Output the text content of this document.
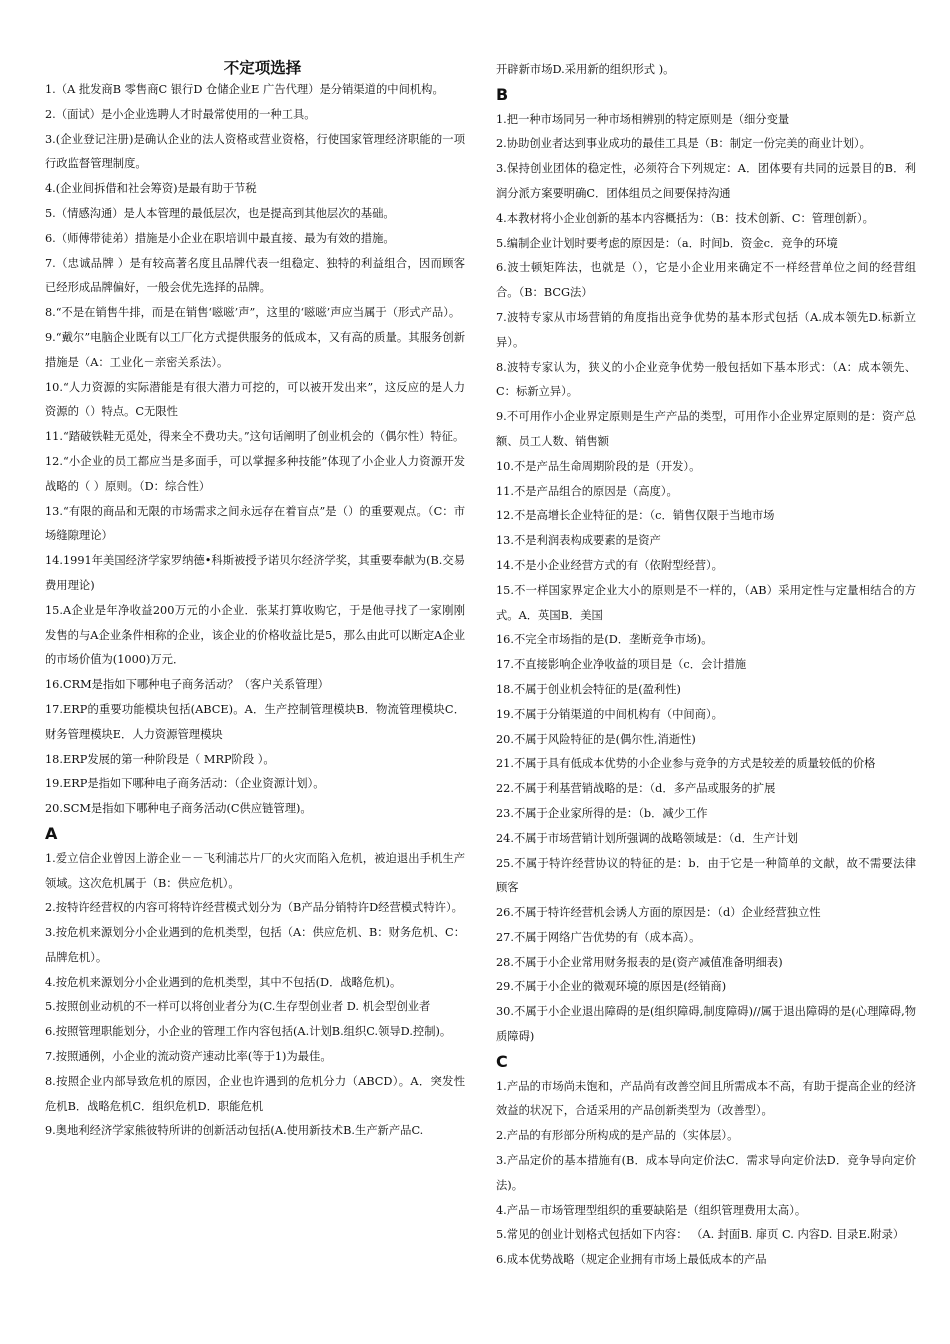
不定项选择

1.（A 批发商B 零售商C 银行D 仓储企业E 广告代理）是分销渠道的中间机构。

2.（面试）是小企业选聘人才时最常使用的一种工具。

3.(企业登记注册)是确认企业的法人资格或营业资格，行使国家管理经济职能的一项行政监督管理制度。

4.(企业间拆借和社会筹资)是最有助于节税

5.（情感沟通）是人本管理的最低层次，也是提高到其他层次的基础。

6.（师傅带徒弟）措施是小企业在职培训中最直接、最为有效的措施。

7.（忠诚品牌 ）是有较高著名度且品牌代表一组稳定、独特的利益组合，因而顾客已经形成品牌偏好，一般会优先选择的品牌。

8.“不是在销售牛排，而是在销售‘嗞嗞’声”，这里的‘嗞嗞’声应当属于（形式产品）。

9.“戴尔”电脑企业既有以工厂化方式提供服务的低成本，又有高的质量。其服务创新措施是（A：工业化－亲密关系法）。

10.“人力资源的实际潜能是有很大潜力可挖的，可以被开发出来”，这反应的是人力资源的（）特点。C无限性

11.“踏破铁鞋无觅处，得来全不费功夫。”这句话阐明了创业机会的（偶尔性）特征。

12.“小企业的员工都应当是多面手，可以掌握多种技能”体现了小企业人力资源开发战略的（ ）原则。（D：综合性）

13.“有限的商品和无限的市场需求之间永远存在着盲点”是（）的重要观点。（C：市场缝隙理论）

14.1991年美国经济学家罗纳德•科斯被授予诺贝尔经济学奖，其重要奉献为(B.交易费用理论)

15.A企业是年净收益200万元的小企业．张某打算收购它，于是他寻找了一家刚刚发售的与A企业条件相称的企业，该企业的价格收益比是5，那么由此可以断定A企业的市场价值为(1000)万元．

16.CRM是指如下哪种电子商务活动？（客户关系管理）

17.ERP的重要功能模块包括(ABCE)。A．生产控制管理模块B．物流管理模块C．财务管理模块E．人力资源管理模块

18.ERP发展的第一种阶段是（ MRP阶段 ）。

19.ERP是指如下哪种电子商务活动：（企业资源计划）。

20.SCM是指如下哪种电子商务活动(C供应链管理)。

A

1.爱立信企业曾因上游企业－－飞利浦芯片厂的火灾而陷入危机，被迫退出手机生产领域。这次危机属于（B：供应危机）。

2.按特许经营权的内容可将特许经营模式划分为（B产品分销特许D经营模式特许）。

3.按危机来源划分小企业遇到的危机类型，包括（A：供应危机、B：财务危机、C：品牌危机）。

4.按危机来源划分小企业遇到的危机类型，其中不包括(D．战略危机)。

5.按照创业动机的不一样可以将创业者分为(C.生存型创业者 D. 机会型创业者

6.按照管理职能划分，小企业的管理工作内容包括(A.计划B.组织C.领导D.控制)。

7.按照通例，小企业的流动资产速动比率(等于1)为最佳。

8.按照企业内部导致危机的原因，企业也许遇到的危机分力（ABCD）。A．突发性危机B．战略危机C．组织危机D．职能危机

9.奥地利经济学家熊彼特所讲的创新活动包括(A.使用新技术B.生产新产品C.

开辟新市场D.采用新的组织形式 )。

B

1.把一种市场同另一种市场相辨别的特定原则是（细分变量

2.协助创业者达到事业成功的最佳工具是（B：制定一份完美的商业计划）。

3.保持创业团体的稳定性，必须符合下列规定：A．团体要有共同的远景目的B．利润分派方案要明确C．团体组员之间要保持沟通

4.本教材将小企业创新的基本内容概括为：（B：技术创新、C：管理创新）。

5.编制企业计划时要考虑的原因是：（a．时间b．资金c．竞争的环境

6.波士顿矩阵法，也就是（），它是小企业用来确定不一样经营单位之间的经营组合。（B：BCG法）

7.波特专家从市场营销的角度指出竞争优势的基本形式包括（A.成本领先D.标新立异）。

8.波特专家认为，狭义的小企业竞争优势一般包括如下基本形式：（A：成本领先、C：标新立异）。

9.不可用作小企业界定原则是生产产品的类型，可用作小企业界定原则的是：资产总额、员工人数、销售额

10.不是产品生命周期阶段的是（开发）。

11.不是产品组合的原因是（高度）。

12.不是高增长企业特征的是：（c．销售仅限于当地市场

13.不是利润表构成要素的是资产

14.不是小企业经营方式的有（依附型经营）。

15.不一样国家界定企业大小的原则是不一样的，（AB）采用定性与定量相结合的方式。A．英国B．美国

16.不完全市场指的是(D．垄断竞争市场)。

17.不直接影响企业净收益的项目是（c．会计措施

18.不属于创业机会特征的是(盈利性)

19.不属于分销渠道的中间机构有（中间商）。

20.不属于风险特征的是(偶尔性,消逝性)

21.不属于具有低成本优势的小企业参与竞争的方式是较差的质量较低的价格

22.不属于利基营销战略的是：（d．多产品或服务的扩展

23.不属于企业家所得的是：（b．减少工作

24.不属于市场营销计划所强调的战略领域是：（d．生产计划

25.不属于特许经营协议的特征的是：b．由于它是一种简单的文献，故不需要法律顾客

26.不属于特许经营机会诱人方面的原因是：（d）企业经营独立性

27.不属于网络广告优势的有（成本高）。

28.不属于小企业常用财务报表的是(资产减值准备明细表)

29.不属于小企业的微观环境的原因是(经销商)

30.不属于小企业退出障碍的是(组织障碍,制度障碍)//属于退出障碍的是(心理障碍,物质障碍)

C

1.产品的市场尚未饱和，产品尚有改善空间且所需成本不高，有助于提高企业的经济效益的状况下，合适采用的产品创新类型为（改善型）。

2.产品的有形部分所构成的是产品的（实体层）。

3.产品定价的基本措施有(B．成本导向定价法C．需求导向定价法D．竞争导向定价法)。

4.产品－市场管理型组织的重要缺陷是（组织管理费用太高）。

5.常见的创业计划格式包括如下内容： （A. 封面B. 扉页 C. 内容D. 目录E.附录）

6.成本优势战略（规定企业拥有市场上最低成本的产品
